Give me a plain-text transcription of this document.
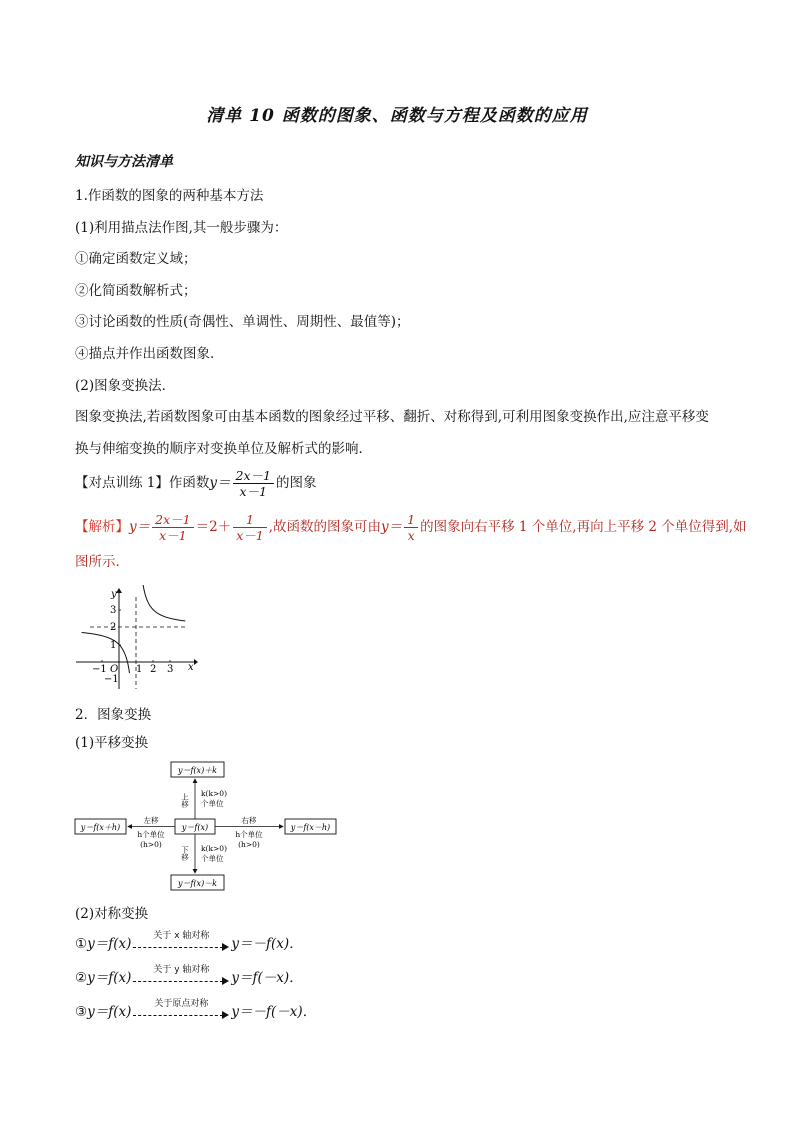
清单 10 函数的图象、函数与方程及函数的应用
知识与方法清单
1.作函数的图象的两种基本方法
(1)利用描点法作图,其一般步骤为：
①确定函数定义域；
②化简函数解析式；
③讨论函数的性质(奇偶性、单调性、周期性、最值等)；
④描点并作出函数图象．
(2)图象变换法．
图象变换法,若函数图象可由基本函数的图象经过平移、翻折、对称得到,可利用图象变换作出,应注意平移变
换与伸缩变换的顺序对变换单位及解析式的影响．
【对点训练 1】作函数$y= \frac{2x-1}{x-1}$ 的图象
【解析】$y= \frac{2x-1}{x-1} =2+ \frac{1}{x-1}$ ,故函数的图象可由$y= \frac{1}{x}$ 的图象向右平移 1 个单位,再向上平移 2 个单位得到,如
图所示．
y
x
O
3
2
1
−1
−1	1 2 3
2．图象变换
(1)平移变换
y＝f(x)＋k
y＝f(x)
y＝f(x)－k
y＝f(x＋h)	y＝f(x－h)
上移 k(k>0)
个单位
下移 k(k>0)
个单位
左移
h个单位
(h>0)
右移
h个单位
(h>0)
(2)对称变换
①y＝f(x)
关于 x 轴对称
y＝－f(x)．
②y＝f(x)
关于 y 轴对称
y＝f(－x)．
③y＝f(x)
关于原点对称
y＝－f(－x)．
